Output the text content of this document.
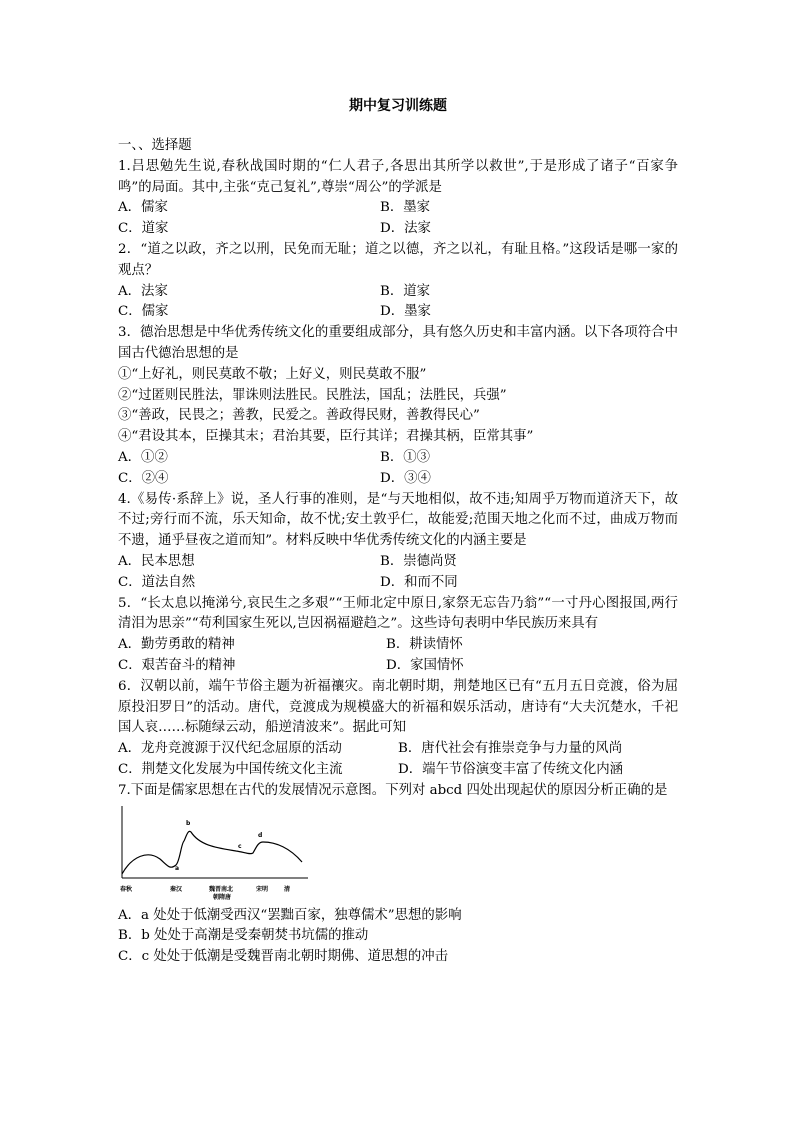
期中复习训练题
一、、选择题
1.吕思勉先生说,春秋战国时期的“仁人君子,各思出其所学以救世”,于是形成了诸子“百家争鸣”的局面。其中,主张“克己复礼”,尊崇“周公”的学派是
A．儒家	B．墨家
C．道家	D．法家
2．“道之以政，齐之以刑，民免而无耻；道之以德，齐之以礼，有耻且格。”这段话是哪一家的观点？
A．法家	B．道家
C．儒家	D．墨家
3．德治思想是中华优秀传统文化的重要组成部分，具有悠久历史和丰富内涵。以下各项符合中国古代德治思想的是
①“上好礼，则民莫敢不敬；上好义，则民莫敢不服”
②“过匿则民胜法，罪诛则法胜民。民胜法，国乱；法胜民，兵强”
③“善政，民畏之；善教，民爱之。善政得民财，善教得民心”
④“君设其本，臣操其末；君治其要，臣行其详；君操其柄，臣常其事”
A．①②	B．①③
C．②④	D．③④
4.《易传·系辞上》说，圣人行事的准则，是“与天地相似，故不违;知周乎万物而道济天下，故不过;旁行而不流，乐天知命，故不忧;安土敦乎仁，故能爱;范围天地之化而不过，曲成万物而不遗，通乎昼夜之道而知”。材料反映中华优秀传统文化的内涵主要是
A．民本思想	B．崇德尚贤
C．道法自然	D．和而不同
5．“长太息以掩涕兮,哀民生之多艰”“王师北定中原日,家祭无忘告乃翁”“一寸丹心图报国,两行清泪为思亲”“苟利国家生死以,岂因祸福避趋之”。这些诗句表明中华民族历来具有
A．勤劳勇敢的精神	B．耕读情怀
C．艰苦奋斗的精神	D．家国情怀
6．汉朝以前，端午节俗主题为祈福禳灾。南北朝时期，荆楚地区已有“五月五日竞渡，俗为屈原投汨罗日”的活动。唐代，竞渡成为规模盛大的祈福和娱乐活动，唐诗有“大夫沉楚水，千祀国人哀……标随绿云动，船逆清波来”。据此可知
A．龙舟竞渡源于汉代纪念屈原的活动	B．唐代社会有推崇竞争与力量的风尚
C．荆楚文化发展为中国传统文化主流	D．端午节俗演变丰富了传统文化内涵
7.下面是儒家思想在古代的发展情况示意图。下列对 abcd 四处出现起伏的原因分析正确的是
a
b
c
d
春秋	秦汉	魏晋南北
朝隋唐
宋明	清
A．a 处处于低潮受西汉“罢黜百家，独尊儒术”思想的影响
B．b 处处于高潮是受秦朝焚书坑儒的推动
C．c 处处于低潮是受魏晋南北朝时期佛、道思想的冲击
